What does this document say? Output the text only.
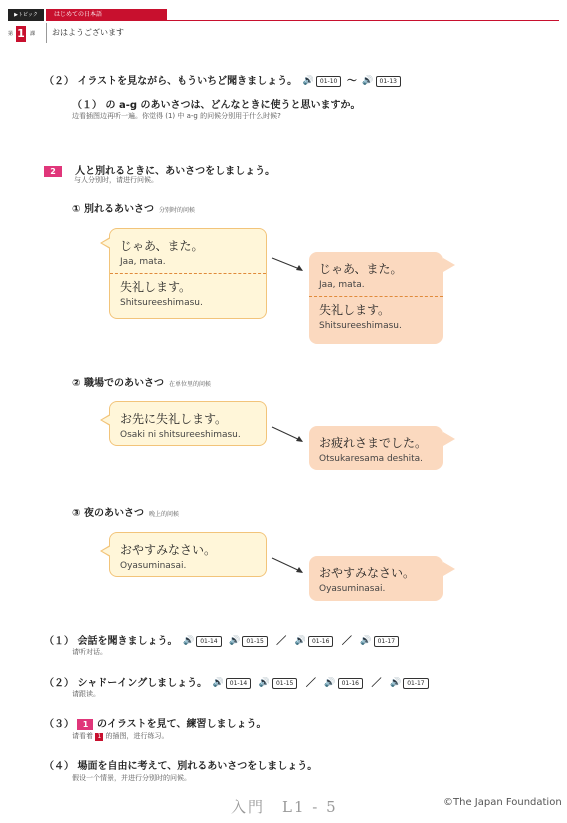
▶トピック	はじめての日本語
第 1 課 おはようございます
（２） イラストを見ながら、もういちど聞きましょう。 🔊	01-10 ～ 🔊	01-13
（１） の a-g のあいさつは、どんなときに使うと思いますか。
边看插图边再听一遍。你觉得 (1) 中 a-g 的问候分别用于什么时候?
2 人と別れるときに、あいさつをしましょう。
与人分别时，请进行问候。
① 別れるあいさつ 分别时的问候
じゃあ、また。
Jaa, mata.
失礼します。
Shitsureeshimasu.
じゃあ、また。
Jaa, mata.
失礼します。
Shitsureeshimasu.
② 職場でのあいさつ 在单位里的问候
お先に失礼します。
Osaki ni shitsureeshimasu.
お疲れさまでした。
Otsukaresama deshita.
③ 夜のあいさつ 晚上的问候
おやすみなさい。
Oyasuminasai.	おやすみなさい。
Oyasuminasai.
（１） 会話を聞きましょう。 🔊	01-14
	🔊	01-15	／ 🔊	01-16	／ 🔊	01-17
请听对话。
（２） シャドーイングしましょう。 🔊	01-14
	🔊	01-15	／ 🔊	01-16	／ 🔊	01-17
请跟读。
（３） 1 のイラストを見て、練習しましょう。
请看着 1 的插图，进行练习。
（４） 場面を自由に考えて、別れるあいさつをしましょう。
假设一个情景，并进行分别时的问候。
入門　L1 - 5	©The Japan Foundation
